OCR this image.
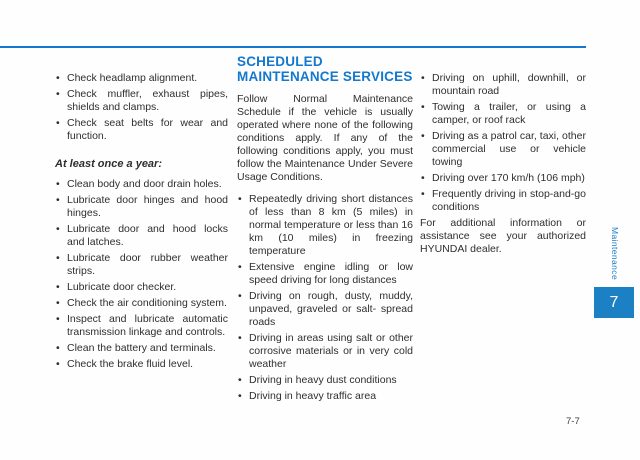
• Check headlamp alignment.
• Check muffler, exhaust pipes, shields and clamps.
• Check seat belts for wear and function.

At least once a year:

• Clean body and door drain holes.
• Lubricate door hinges and hood hinges.
• Lubricate door and hood locks and latches.
• Lubricate door rubber weather strips.
• Lubricate door checker.
• Check the air conditioning system.
• Inspect and lubricate automatic transmission linkage and controls.
• Clean the battery and terminals.
• Check the brake fluid level.
SCHEDULED MAINTENANCE SERVICES

Follow Normal Maintenance Schedule if the vehicle is usually operated where none of the following conditions apply. If any of the following conditions apply, you must follow the Maintenance Under Severe Usage Conditions.

• Repeatedly driving short distances of less than 8 km (5 miles) in normal temperature or less than 16 km (10 miles) in freezing temperature
• Extensive engine idling or low speed driving for long distances
• Driving on rough, dusty, muddy, unpaved, graveled or salt- spread roads
• Driving in areas using salt or other corrosive materials or in very cold weather
• Driving in heavy dust conditions
• Driving in heavy traffic area
• Driving on uphill, downhill, or mountain road
• Towing a trailer, or using a camper, or roof rack
• Driving as a patrol car, taxi, other commercial use or vehicle towing
• Driving over 170 km/h (106 mph)
• Frequently driving in stop-and-go conditions

For additional information or assistance see your authorized HYUNDAI dealer.	Maintenance
7
7-7
